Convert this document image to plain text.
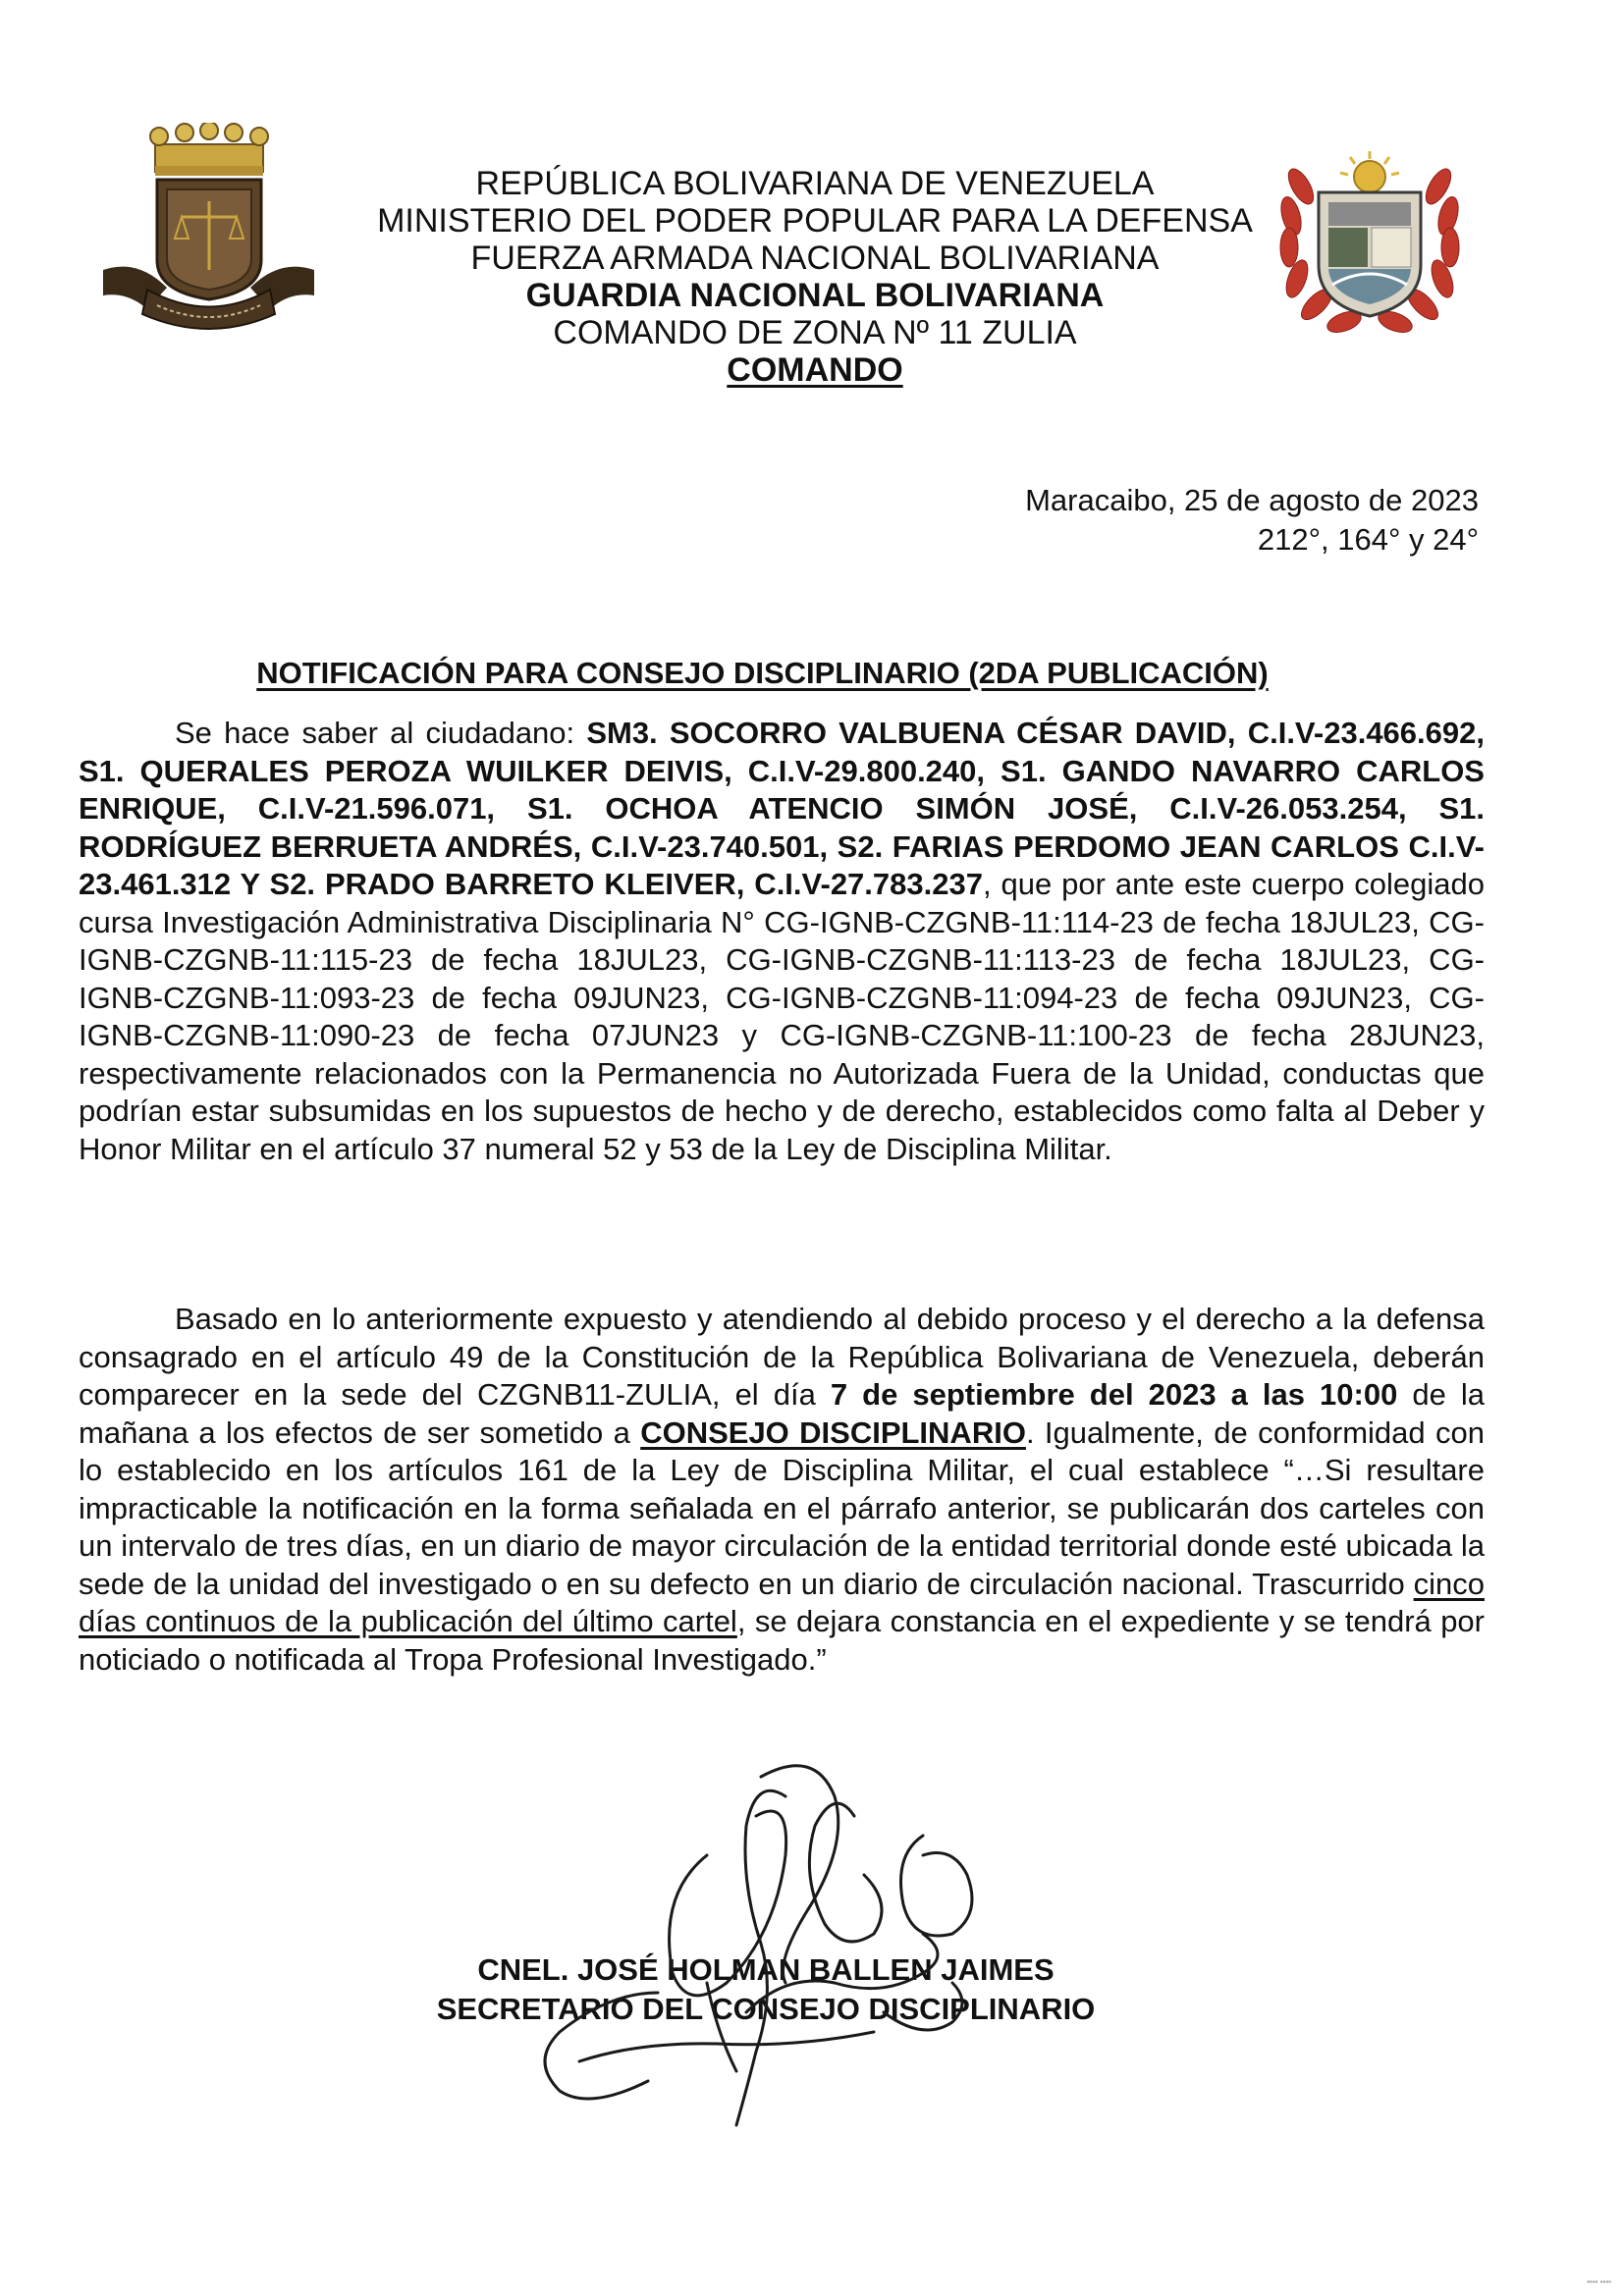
REPÚBLICA BOLIVARIANA DE VENEZUELA
MINISTERIO DEL PODER POPULAR PARA LA DEFENSA
FUERZA ARMADA NACIONAL BOLIVARIANA
GUARDIA NACIONAL BOLIVARIANA
COMANDO DE ZONA Nº 11 ZULIA
COMANDO
Maracaibo, 25 de agosto de 2023
212°, 164° y 24°
NOTIFICACIÓN PARA CONSEJO DISCIPLINARIO (2DA PUBLICACIÓN)

Se hace saber al ciudadano: SM3. SOCORRO VALBUENA CÉSAR DAVID, C.I.V-23.466.692, S1. QUERALES PEROZA WUILKER DEIVIS, C.I.V-29.800.240, S1. GANDO NAVARRO CARLOS ENRIQUE, C.I.V-21.596.071, S1. OCHOA ATENCIO SIMÓN JOSÉ, C.I.V-26.053.254, S1. RODRÍGUEZ BERRUETA ANDRÉS, C.I.V-23.740.501, S2. FARIAS PERDOMO JEAN CARLOS C.I.V-23.461.312 Y S2. PRADO BARRETO KLEIVER, C.I.V-27.783.237, que por ante este cuerpo colegiado cursa Investigación Administrativa Disciplinaria N° CG-IGNB-CZGNB-11:114-23 de fecha 18JUL23, CG-IGNB-CZGNB-11:115-23 de fecha 18JUL23, CG-IGNB-CZGNB-11:113-23 de fecha 18JUL23, CG-IGNB-CZGNB-11:093-23 de fecha 09JUN23, CG-IGNB-CZGNB-11:094-23 de fecha 09JUN23, CG-IGNB-CZGNB-11:090-23 de fecha 07JUN23 y CG-IGNB-CZGNB-11:100-23 de fecha 28JUN23, respectivamente relacionados con la Permanencia no Autorizada Fuera de la Unidad, conductas que podrían estar subsumidas en los supuestos de hecho y de derecho, establecidos como falta al Deber y Honor Militar en el artículo 37 numeral 52 y 53 de la Ley de Disciplina Militar.

Basado en lo anteriormente expuesto y atendiendo al debido proceso y el derecho a la defensa consagrado en el artículo 49 de la Constitución de la República Bolivariana de Venezuela, deberán comparecer en la sede del CZGNB11-ZULIA, el día 7 de septiembre del 2023 a las 10:00 de la mañana a los efectos de ser sometido a CONSEJO DISCIPLINARIO. Igualmente, de conformidad con lo establecido en los artículos 161 de la Ley de Disciplina Militar, el cual establece “…Si resultare impracticable la notificación en la forma señalada en el párrafo anterior, se publicarán dos carteles con un intervalo de tres días, en un diario de mayor circulación de la entidad territorial donde esté ubicada la sede de la unidad del investigado o en su defecto en un diario de circulación nacional. Trascurrido cinco días continuos de la publicación del último cartel, se dejara constancia en el expediente y se tendrá por noticiado o notificada al Tropa Profesional Investigado.”

CNEL. JOSÉ HOLMAN BALLEN JAIMES
SECRETARIO DEL CONSEJO DISCIPLINARIO
▪▪▪▪ ▪▪▪▪
